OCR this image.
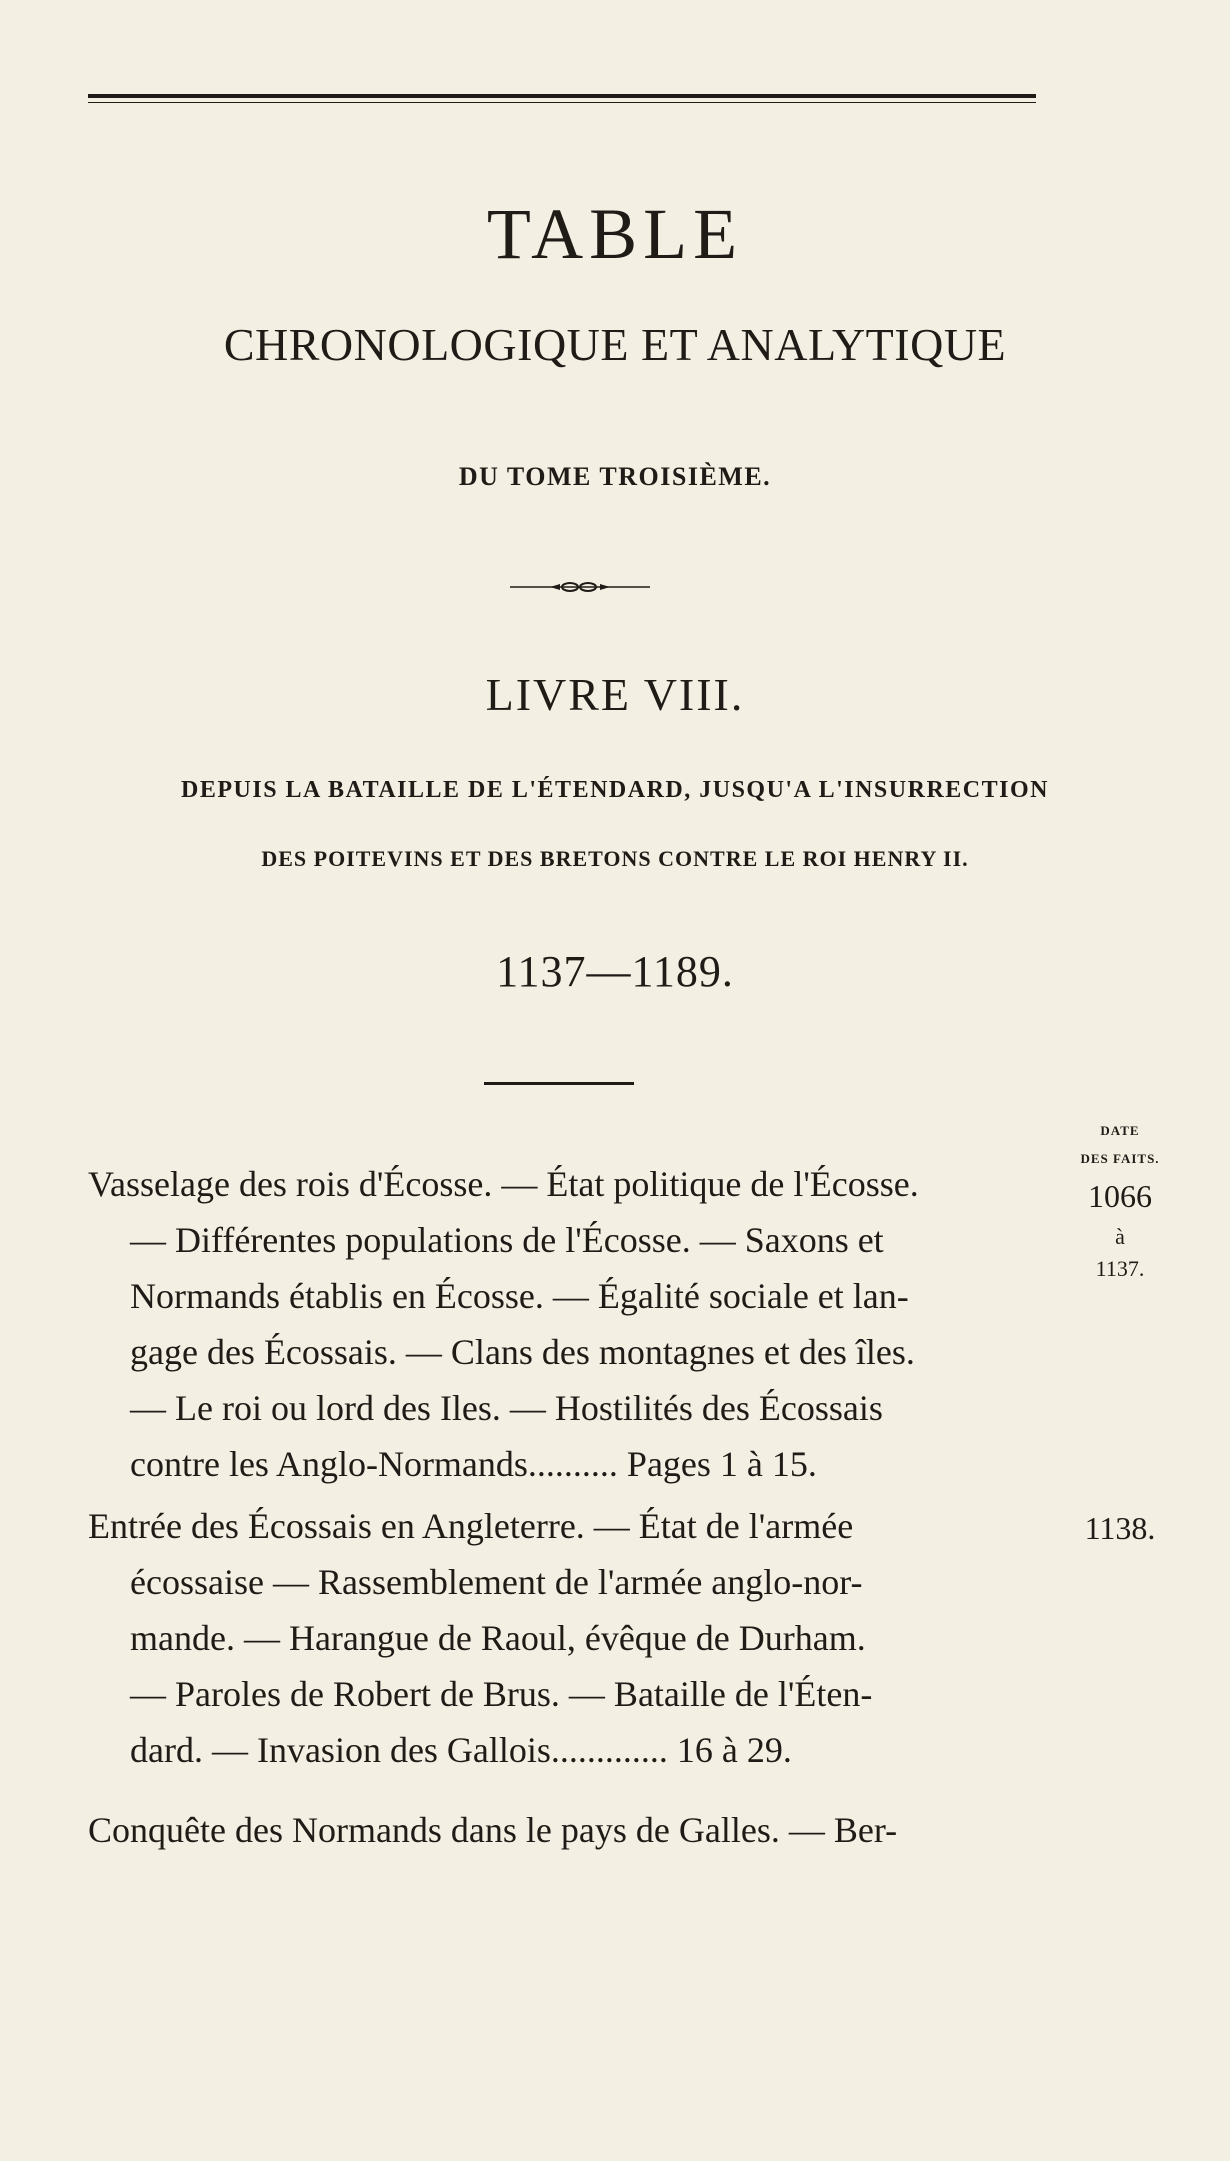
TABLE
CHRONOLOGIQUE ET ANALYTIQUE
DU TOME TROISIÈME.
LIVRE VIII.
DEPUIS LA BATAILLE DE L'ÉTENDARD, JUSQU'A L'INSURRECTION
DES POITEVINS ET DES BRETONS CONTRE LE ROI HENRY II.
1137—1189.
DATE
DES FAITS.
Vasselage des rois d'Écosse. — État politique de l'Écosse.
— Différentes populations de l'Écosse. — Saxons et
Normands établis en Écosse. — Égalité sociale et lan-
gage des Écossais. — Clans des montagnes et des îles.
— Le roi ou lord des Iles. — Hostilités des Écossais
contre les Anglo-Normands.......... Pages 1 à 15.
1066
à
1137.
Entrée des Écossais en Angleterre. — État de l'armée
écossaise — Rassemblement de l'armée anglo-nor-
mande. — Harangue de Raoul, évêque de Durham.
— Paroles de Robert de Brus. — Bataille de l'Éten-
dard. — Invasion des Gallois............. 16 à 29.
1138.
Conquête des Normands dans le pays de Galles. — Ber-
